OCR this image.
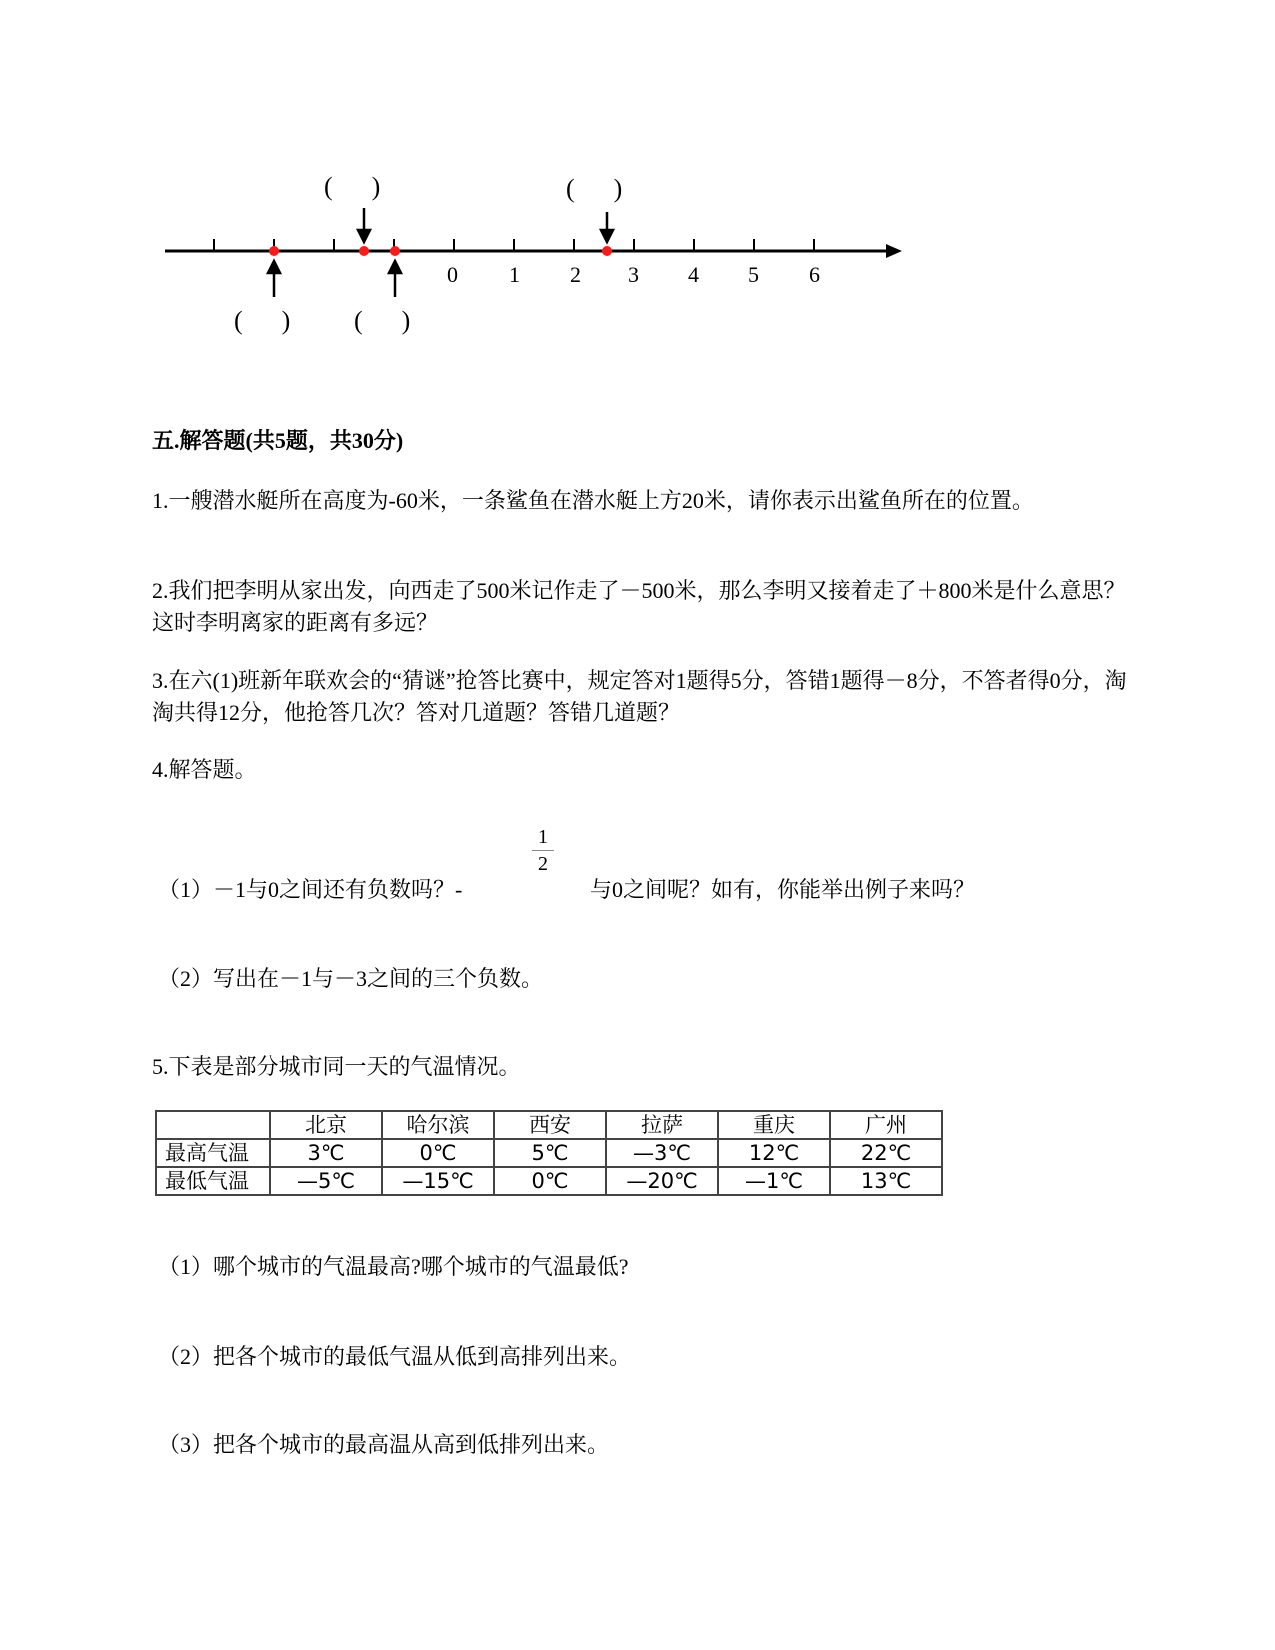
0 1 2 3 4 5 6
(      )	(      )
(      ) (      )
五.解答题(共5题，共30分)
1.一艘潜水艇所在高度为-60米，一条鲨鱼在潜水艇上方20米，请你表示出鲨鱼所在的位置。
2.我们把李明从家出发，向西走了500米记作走了－500米，那么李明又接着走了＋800米是什么意思？这时李明离家的距离有多远？
3.在六(1)班新年联欢会的“猜谜”抢答比赛中，规定答对1题得5分，答错1题得－8分，不答者得0分，淘淘共得12分，他抢答几次？答对几道题？答错几道题？
4.解答题。
（1）－1与0之间还有负数吗？-
1
2
与0之间呢？如有，你能举出例子来吗？
（2）写出在－1与－3之间的三个负数。
5.下表是部分城市同一天的气温情况。
	北京	哈尔滨	西安	拉萨	重庆	广州
最高气温	3℃	0℃	5℃	—3℃	12℃	22℃
最低气温	—5℃	—15℃	0℃	—20℃	—1℃	13℃
（1）哪个城市的气温最高?哪个城市的气温最低?
（2）把各个城市的最低气温从低到高排列出来。
（3）把各个城市的最高温从高到低排列出来。
